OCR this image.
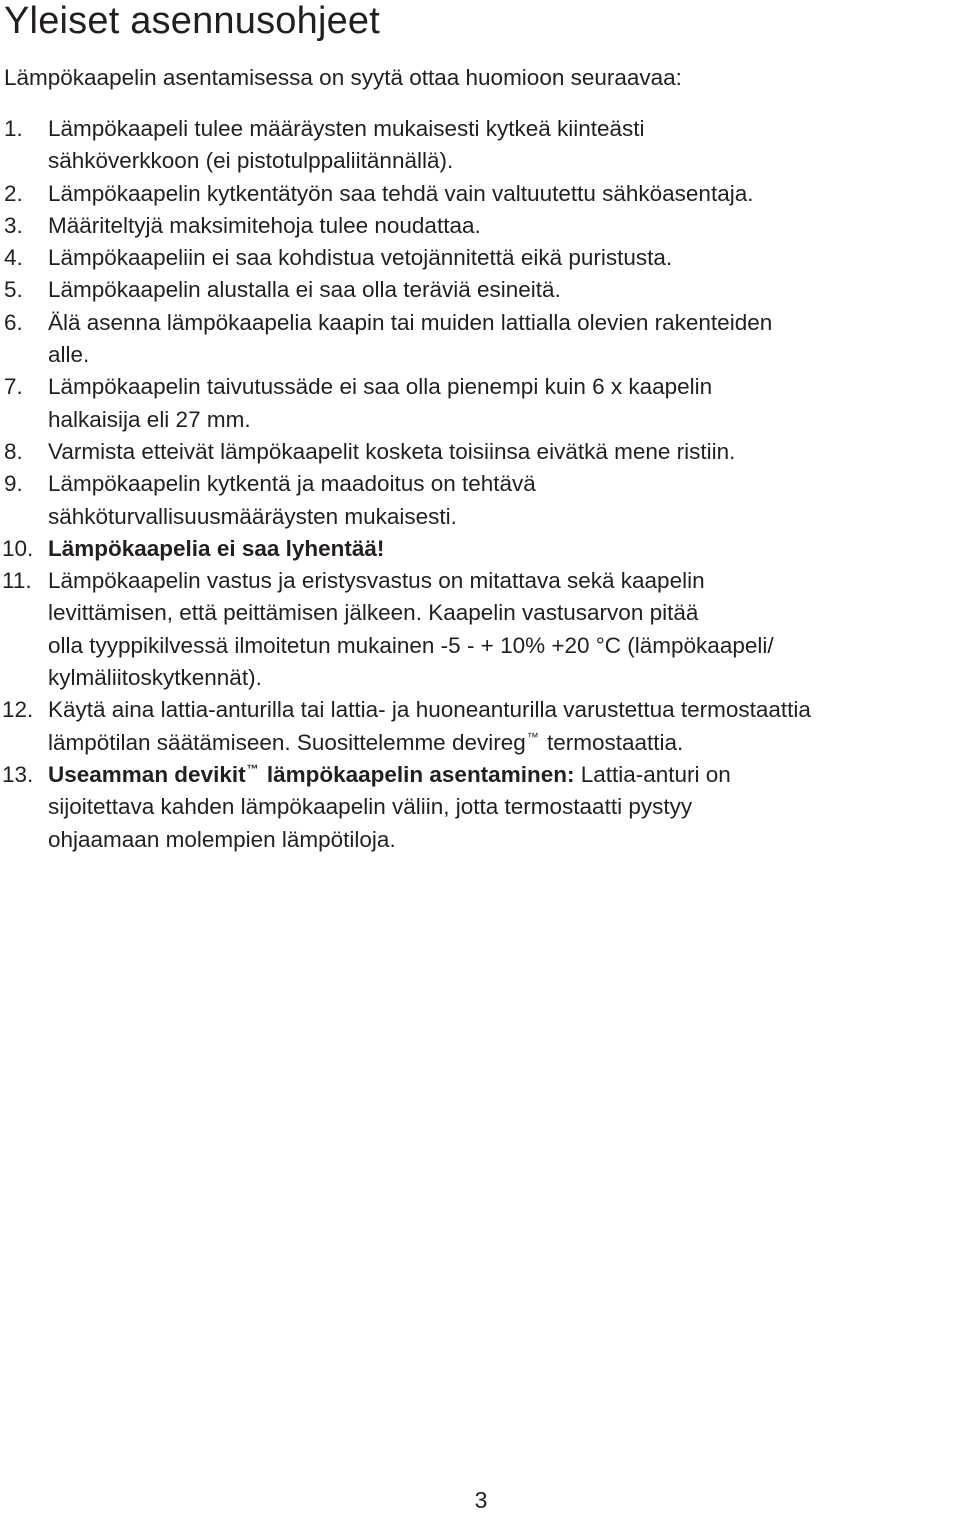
Yleiset asennusohjeet

Lämpökaapelin asentamisessa on syytä ottaa huomioon seuraavaa:

1. Lämpökaapeli tulee määräysten mukaisesti kytkeä kiinteästi
sähköverkkoon (ei pistotulppaliitännällä).
2. Lämpökaapelin kytkentätyön saa tehdä vain valtuutettu sähköasentaja.
3. Määriteltyjä maksimitehoja tulee noudattaa.
4. Lämpökaapeliin ei saa kohdistua vetojännitettä eikä puristusta.
5. Lämpökaapelin alustalla ei saa olla teräviä esineitä.
6. Älä asenna lämpökaapelia kaapin tai muiden lattialla olevien rakenteiden
alle.
7. Lämpökaapelin taivutussäde ei saa olla pienempi kuin 6 x kaapelin
halkaisija eli 27 mm.
8. Varmista etteivät lämpökaapelit kosketa toisiinsa eivätkä mene ristiin.
9. Lämpökaapelin kytkentä ja maadoitus on tehtävä
sähköturvallisuusmääräysten mukaisesti.
10. Lämpökaapelia ei saa lyhentää!
11. Lämpökaapelin vastus ja eristysvastus on mitattava sekä kaapelin
levittämisen, että peittämisen jälkeen. Kaapelin vastusarvon pitää
olla tyyppikilvessä ilmoitetun mukainen -5 - + 10% +20 °C (lämpökaapeli/
kylmäliitoskytkennät).
12. Käytä aina lattia-anturilla tai lattia- ja huoneanturilla varustettua termostaattia
lämpötilan säätämiseen. Suosittelemme devireg™ termostaattia.
13. Useamman devikit™ lämpökaapelin asentaminen: Lattia-anturi on
sijoitettava kahden lämpökaapelin väliin, jotta termostaatti pystyy
ohjaamaan molempien lämpötiloja.
3
